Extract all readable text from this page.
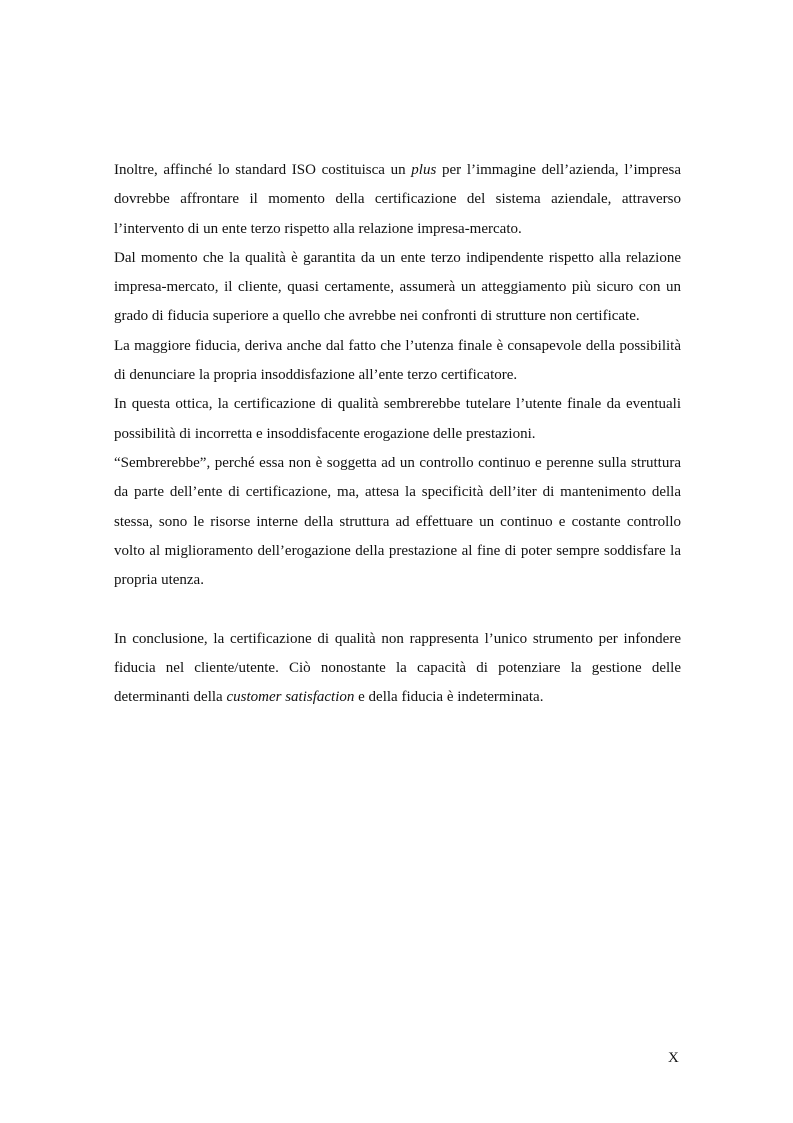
Inoltre, affinché lo standard ISO costituisca un plus per l’immagine dell’azienda, l’impresa dovrebbe affrontare il momento della certificazione del sistema aziendale, attraverso l’intervento di un ente terzo rispetto alla relazione impresa-mercato.

Dal momento che la qualità è garantita da un ente terzo indipendente rispetto alla relazione impresa-mercato, il cliente, quasi certamente, assumerà un atteggiamento più sicuro con un grado di fiducia superiore a quello che avrebbe nei confronti di strutture non certificate.

La maggiore fiducia, deriva anche dal fatto che l’utenza finale è consapevole della possibilità di denunciare la propria insoddisfazione all’ente terzo certificatore.

In questa ottica, la certificazione di qualità sembrerebbe tutelare l’utente finale da eventuali possibilità di incorretta e insoddisfacente erogazione delle prestazioni.

“Sembrerebbe”, perché essa non è soggetta ad un controllo continuo e perenne sulla struttura da parte dell’ente di certificazione, ma, attesa la specificità dell’iter di mantenimento della stessa, sono le risorse interne della struttura ad effettuare un continuo e costante controllo volto al miglioramento dell’erogazione della prestazione al fine di poter sempre soddisfare la propria utenza.

In conclusione, la certificazione di qualità non rappresenta l’unico strumento per infondere fiducia nel cliente/utente. Ciò nonostante la capacità di potenziare la gestione delle determinanti della customer satisfaction e della fiducia è indeterminata.

X
